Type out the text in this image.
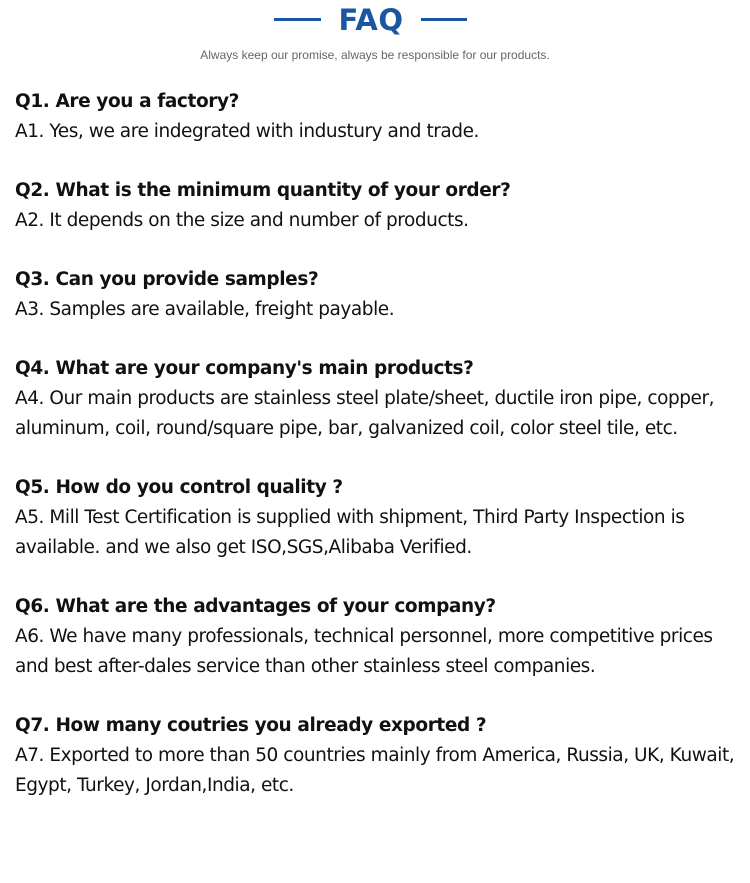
FAQ
Always keep our promise, always be responsible for our products.
Q1. Are you a factory?
A1. Yes, we are indegrated with industury and trade.
Q2. What is the minimum quantity of your order?
A2. It depends on the size and number of products.
Q3. Can you provide samples?
A3. Samples are available, freight payable.
Q4. What are your company's main products?
A4. Our main products are stainless steel plate/sheet, ductile iron pipe, copper, aluminum, coil, round/square pipe, bar, galvanized coil, color steel tile, etc.
Q5. How do you control quality ?
A5. Mill Test Certification is supplied with shipment, Third Party Inspection is available. and we also get ISO,SGS,Alibaba Verified.
Q6. What are the advantages of your company?
A6. We have many professionals, technical personnel, more competitive prices and best after-dales service than other stainless steel companies.
Q7. How many coutries you already exported ?
A7. Exported to more than 50 countries mainly from America, Russia, UK, Kuwait, Egypt, Turkey, Jordan,India, etc.
